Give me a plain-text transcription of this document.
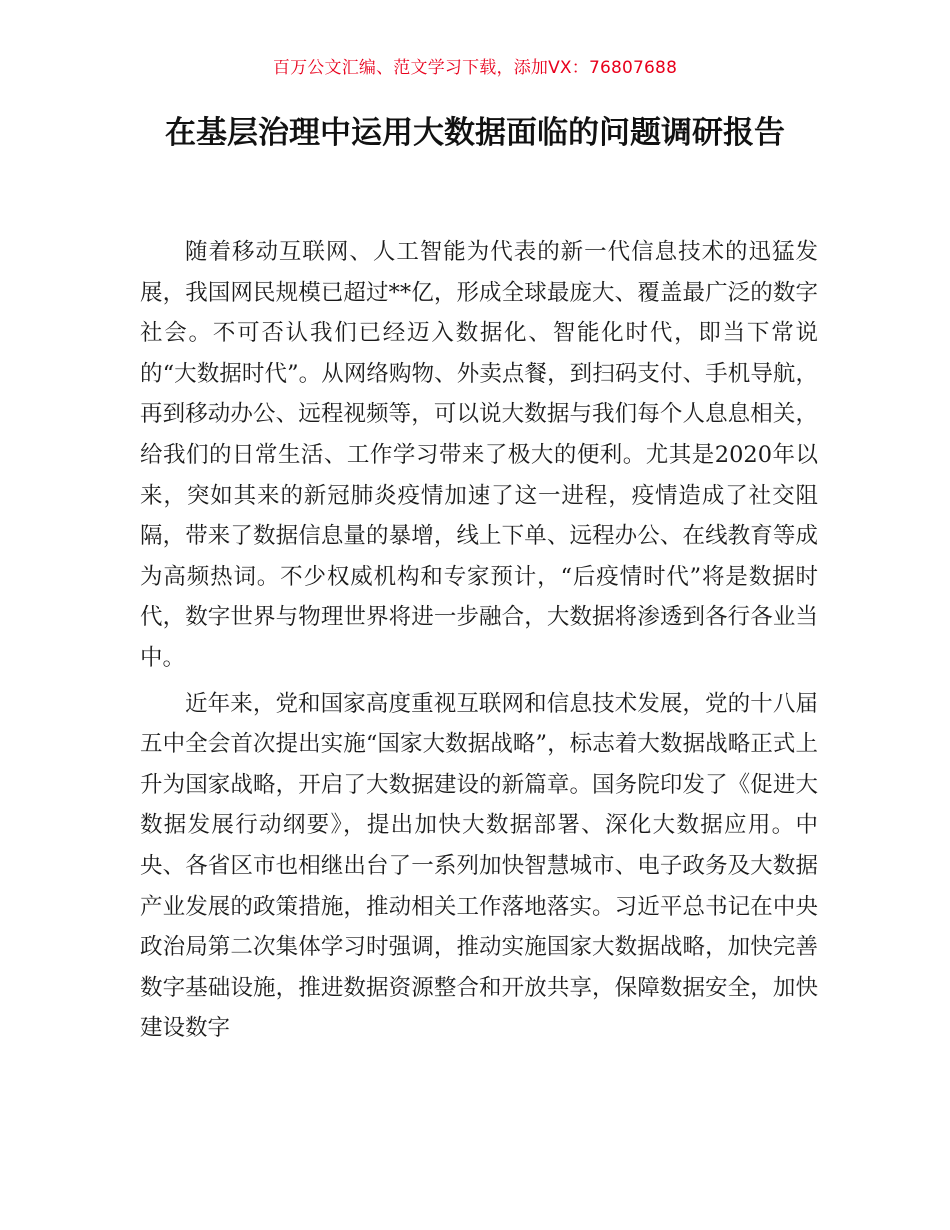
百万公文汇编、范文学习下载，添加VX：76807688
在基层治理中运用大数据面临的问题调研报告

随着移动互联网、人工智能为代表的新一代信息技术的迅猛发展，我国网民规模已超过**亿，形成全球最庞大、覆盖最广泛的数字社会。不可否认我们已经迈入数据化、智能化时代，即当下常说的“大数据时代”。从网络购物、外卖点餐，到扫码支付、手机导航，再到移动办公、远程视频等，可以说大数据与我们每个人息息相关，给我们的日常生活、工作学习带来了极大的便利。尤其是2020年以来，突如其来的新冠肺炎疫情加速了这一进程，疫情造成了社交阻隔，带来了数据信息量的暴增，线上下单、远程办公、在线教育等成为高频热词。不少权威机构和专家预计，“后疫情时代”将是数据时代，数字世界与物理世界将进一步融合，大数据将渗透到各行各业当中。

近年来，党和国家高度重视互联网和信息技术发展，党的十八届五中全会首次提出实施“国家大数据战略”，标志着大数据战略正式上升为国家战略，开启了大数据建设的新篇章。国务院印发了《促进大数据发展行动纲要》，提出加快大数据部署、深化大数据应用。中央、各省区市也相继出台了一系列加快智慧城市、电子政务及大数据产业发展的政策措施，推动相关工作落地落实。习近平总书记在中央政治局第二次集体学习时强调，推动实施国家大数据战略，加快完善数字基础设施，推进数据资源整合和开放共享，保障数据安全，加快建设数字
